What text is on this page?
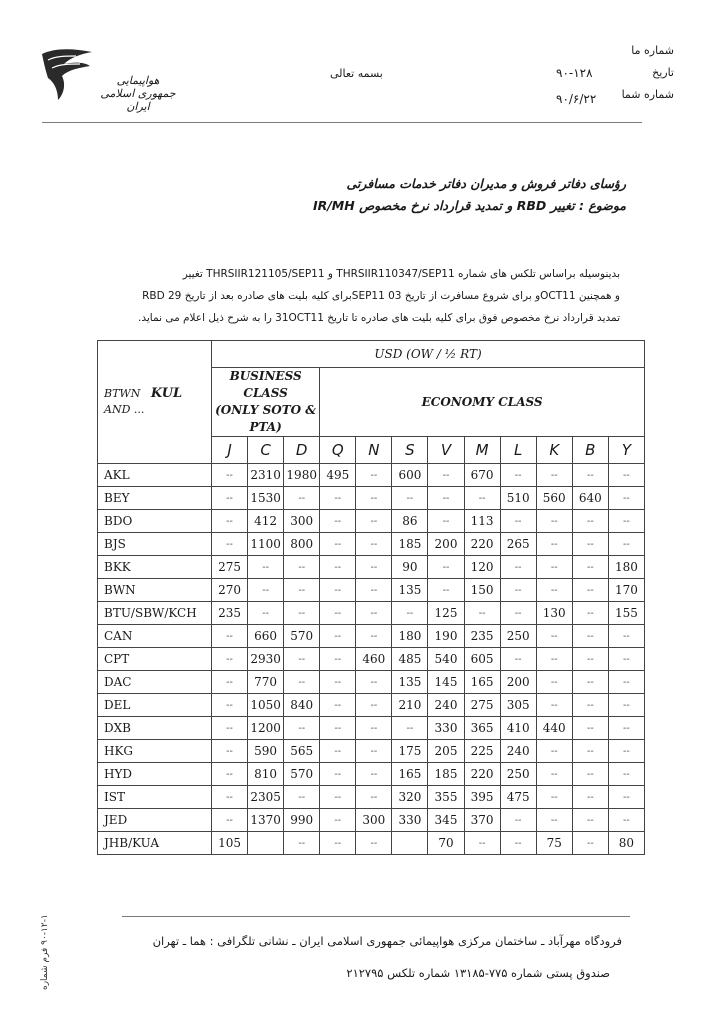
هواپیمایی جمهوری اسلامی ایران
بسمه تعالی
شماره ما
تاریخ
شماره شما
۹۰-۱۲۸
۹۰/۶/۲۲
رؤسای دفاتر فروش و مدیران دفاتر خدمات مسافرتی
موضوع : تغییر RBD و تمدید قرارداد نرخ مخصوص IR/MH
بدینوسیله براساس تلکس های شماره THRSIIR110347/SEP11 و THRSIIR121105/SEP11 تغییر
RBD برای کلیه بلیت های صادره بعد از تاریخ 29SEP11 و برای شروع مسافرت از تاریخ 03OCT11 و همچنین
تمدید قرارداد نرخ مخصوص فوق برای کلیه بلیت های صادره تا تاریخ 31OCT11 را به شرح ذیل اعلام می نماید.
BTWN KUL
AND ...	USD (OW / ½ RT)											
	BUSINESS CLASS
(ONLY SOTO & PTA)			ECONOMY CLASS								
	J	C	D	Q	N	S	V	M	L	K	B	Y
AKL	--	2310	1980	495	--	600	--	670	--	--	--	--
BEY	--	1530	--	--	--	--	--	--	510	560	640	--
BDO	--	412	300	--	--	86	--	113	--	--	--	--
BJS	--	1100	800	--	--	185	200	220	265	--	--	--
BKK	275	--	--	--	--	90	--	120	--	--	--	180
BWN	270	--	--	--	--	135	--	150	--	--	--	170
BTU/SBW/KCH	235	--	--	--	--	--	125	--	--	130	--	155
CAN	--	660	570	--	--	180	190	235	250	--	--	--
CPT	--	2930	--	--	460	485	540	605	--	--	--	--
DAC	--	770	--	--	--	135	145	165	200	--	--	--
DEL	--	1050	840	--	--	210	240	275	305	--	--	--
DXB	--	1200	--	--	--	--	330	365	410	440	--	--
HKG	--	590	565	--	--	175	205	225	240	--	--	--
HYD	--	810	570	--	--	165	185	220	250	--	--	--
IST	--	2305	--	--	--	320	355	395	475	--	--	--
JED	--	1370	990	--	300	330	345	370	--	--	--	--
JHB/KUA	105		--	--	--		70	--	--	75	--	80
فرودگاه مهرآباد ـ ساختمان مرکزی هواپیمائی جمهوری اسلامی ایران ـ نشانی تلگرافی : هما ـ تهران
صندوق پستی شماره ۷۷۵-۱۳۱۸۵ شماره تلکس ۲۱۲۷۹۵
۹۰-۱۲-۱ فرم شماره
